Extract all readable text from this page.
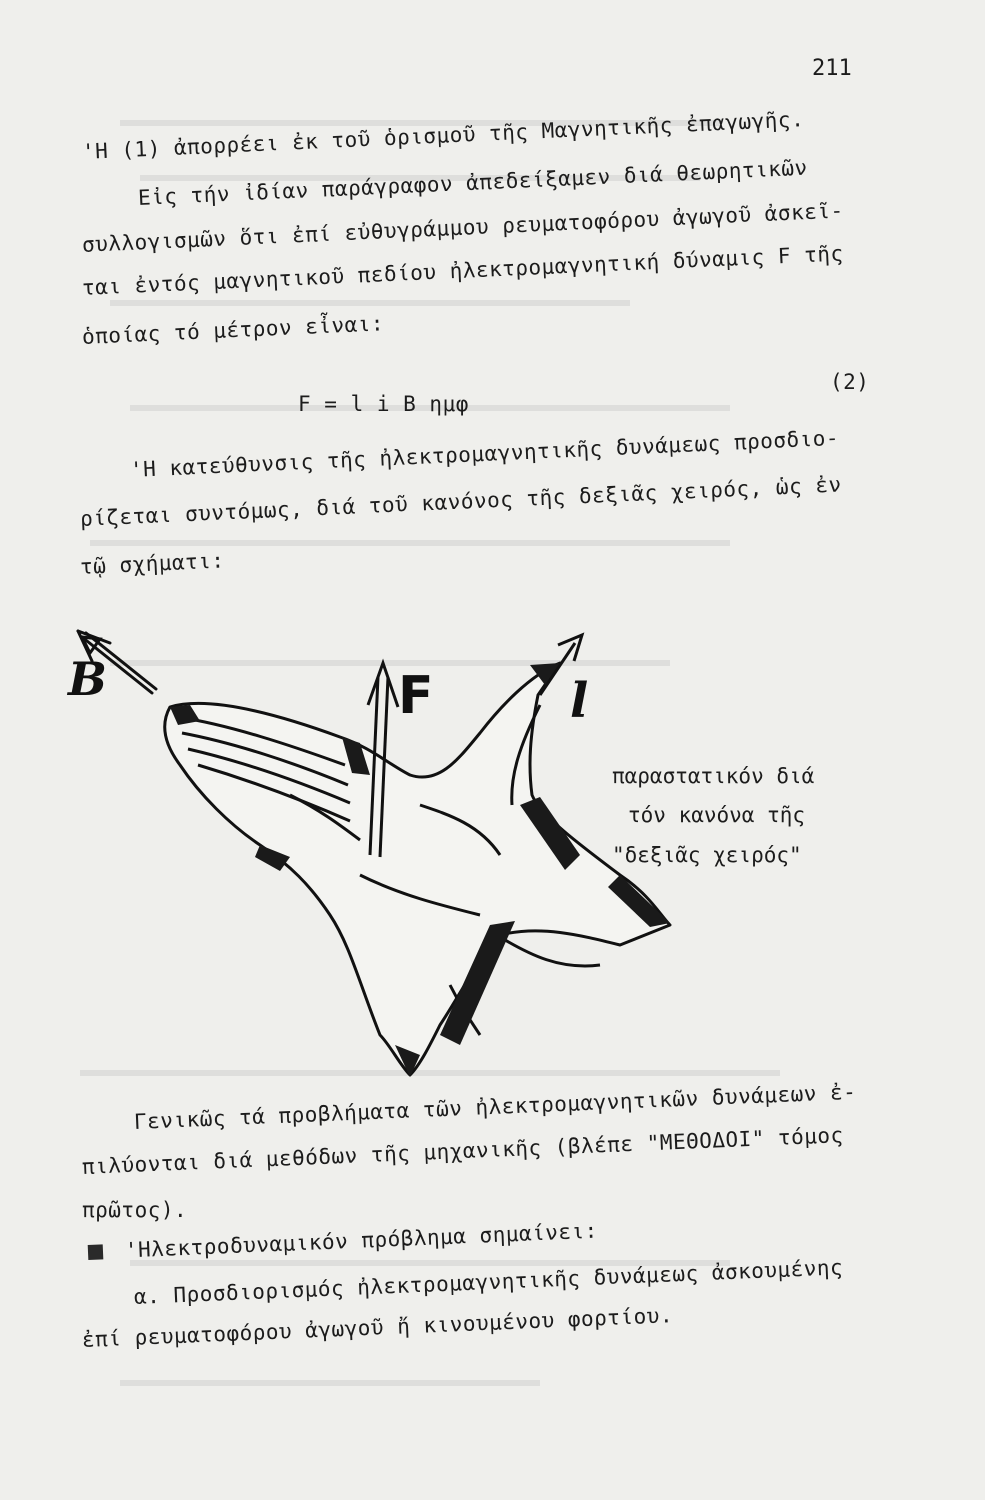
211
'Η (1) ἀπορρέει ἐκ τοῦ ὁρισμοῦ τῆς Μαγνητικῆς ἐπαγωγῆς.
Εἰς τήν ἰδίαν παράγραφον ἀπεδείξαμεν διά θεωρητικῶν
συλλογισμῶν ὅτι ἐπί εὐθυγράμμου ρευματοφόρου ἀγωγοῦ ἀσκεῖ-
ται ἐντός μαγνητικοῦ πεδίου ἠλεκτρομαγνητική δύναμις F τῆς
ὁποίας τό μέτρον εἶναι:
F = l i B ημφ
(2)
'Η κατεύθυνσις τῆς ἠλεκτρομαγνητικῆς δυνάμεως προσδιο-
ρίζεται συντόμως, διά τοῦ κανόνος τῆς δεξιᾶς χειρός, ὡς ἐν
τῷ σχήματι:
B	F	l
παραστατικόν διά
τόν κανόνα τῆς
"δεξιᾶς χειρός"
Γενικῶς τά προβλήματα τῶν ἠλεκτρομαγνητικῶν δυνάμεων ἐ-
πιλύονται διά μεθόδων τῆς μηχανικῆς (βλέπε "ΜΕΘΟΔΟΙ" τόμος
πρῶτος).
'Ηλεκτροδυναμικόν πρόβλημα σημαίνει:
α. Προσδιορισμός ἠλεκτρομαγνητικῆς δυνάμεως ἀσκουμένης
ἐπί ρευματοφόρου ἀγωγοῦ ἤ κινουμένου φορτίου.
